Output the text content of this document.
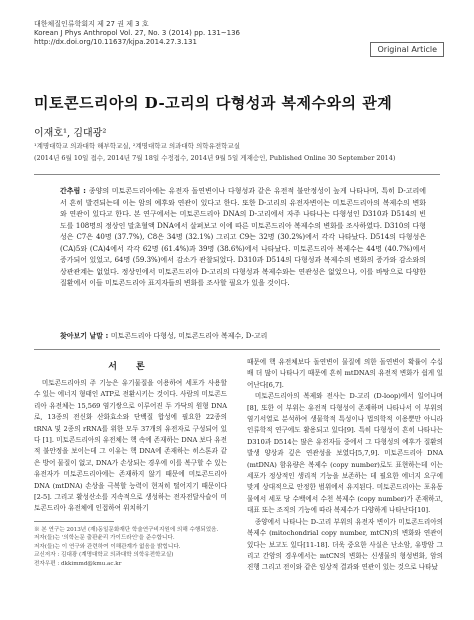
대한체질인류학회지 제 27 권 제 3 호
Korean J Phys Anthropol Vol. 27, No. 3 (2014) pp. 131~136
http://dx.doi.org/10.11637/kjpa.2014.27.3.131
Original Article
미토콘드리아의 D-고리의 다형성과 복제수와의 관계
이재호¹, 김대광²
¹계명대학교 의과대학 해부학교실, ²계명대학교 의과대학 의학유전학교실
(2014년 6월 10일 접수, 2014년 7월 18일 수정접수, 2014년 9월 5일 게재승인, Published Online 30 September 2014)
간추림 : 종양의 미토콘드리아에는 유전자 돌연변이나 다형성과 같은 유전적 불안정성이 높게 나타나며, 특히 D-고리에서 흔히 발견되는데 이는 암의 예후와 연관이 있다고 한다. 또한 D-고리의 유전자변이는 미토콘드리아의 복제수의 변화와 연관이 있다고 한다. 본 연구에서는 미토콘드리아 DNA의 D-고리에서 자주 나타나는 다형성인 D310과 D514의 빈도를 108명의 정상인 말초혈액 DNA에서 살펴보고 이에 따른 미토콘드리아 복제수의 변화를 조사하였다. D310의 다형성은 C7은 40명 (37.7%), C8은 34명 (32.1%) 그리고 C9는 32명 (30.2%)에서 각각 나타났다. D514의 다형성은 (CA)5와 (CA)4에서 각각 62명 (61.4%)과 39명 (38.6%)에서 나타났다. 미토콘드리아 복제수는 44명 (40.7%)에서 증가되어 있었고, 64명 (59.3%)에서 감소가 관찰되었다. D310과 D514의 다형성과 복제수의 변화의 증가와 감소와의 상관관계는 없었다. 정상인에서 미토콘드리아 D-고리의 다형성과 복제수와는 연관성은 없었으나, 이를 바탕으로 다양한 질환에서 이들 미토콘드리아 표지자들의 변화를 조사할 필요가 있을 것이다.
찾아보기 낱말 : 미토콘드리아 다형성, 미토콘드리아 복제수, D-고리
서 론

미토콘드리아의 주 기능은 유기물질을 이용하여 세포가 사용할 수 있는 에너지 형태인 ATP로 전환시키는 것이다. 사람의 미토콘드리아 유전체는 15,569 염기쌍으로 이루어진 두 가닥의 원형 DNA로, 13종의 전신화 산화효소와 단백질 합성에 필요한 22종의 tRNA 및 2종의 rRNA를 위한 모두 37개의 유전자로 구성되어 있다 [1]. 미토콘드리아의 유전체는 핵 속에 존재하는 DNA 보다 유전적 불안정을 보이는데 그 이유는 핵 DNA에 존재하는 히스톤과 같은 방어 물질이 없고, DNA가 손상되는 경우에 이를 복구할 수 있는 유전자가 미토콘드리아에는 존재하지 않기 때문에 미토콘드리아 DNA (mtDNA) 손상을 극복할 능력이 현저히 떨어지기 때문이다[2-5]. 그리고 활성산소를 지속적으로 생성하는 전자전달사슬이 미토콘드리아 유전체에 인접하여 위치하기

※ 본 연구는 2013년 (재)동일문화재단 학술연구비지원에 의해 수행되었음.
저자(들)는 '의학논문 출판윤리 가이드라인'을 준수합니다.
저자(들)는 이 연구와 관련하여 이해관계가 없음을 밝힙니다.
교신저자 : 김대광 (계명대학교 의과대학 의학유전학교실)
전자우편 : dkkimmd@kmu.ac.kr

때문에 핵 유전체보다 돌연변이 물질에 의한 돌연변이 확률이 수십 배 더 많이 나타나기 때문에 흔히 mtDNA의 유전적 변화가 쉽게 일어난다[6,7].

미토콘드리아의 복제와 전사는 D-고리 (D-loop)에서 일어나며[8], 또한 이 부위는 유전적 다형성이 존재하며 나타나서 이 부위의 염기서열로 분석하여 생물학적 특성이나 법의학적 이용뿐만 아니라 인류학적 연구에도 활용되고 있다[9]. 특히 다형성이 흔히 나타나는 D310과 D514는 많은 유전자들 중에서 그 다형성의 예후가 질환의 발생 양상과 깊은 연관성을 보였다[5,7,9]. 미토콘드리아 DNA (mtDNA) 함유량은 복제수 (copy number)로도 표현하는데 이는 세포가 정상적인 생리적 기능을 보존하는 데 필요한 에너지 요구에 맞게 상대적으로 안정한 범위에서 유지된다. 미토콘드리아는 포유동물에서 세포 당 수백에서 수천 복제수 (copy number)가 존재하고, 대표 또는 조직의 기능에 따라 복제수가 다양하게 나타난다[10].

종양에서 나타나는 D-고리 부위의 유전자 변이가 미토콘드리아의 복제수 (mitochondrial copy number, mtCN)의 변화와 연관이 있다는 보고도 있다[11-18]. 더욱 중요한 사실은 난소암, 유방암 그리고 간암의 경우에서는 mtCN의 변화는 신생물의 형성변화, 암의 진행 그리고 전이와 같은 임상적 결과와 연관이 있는 것으로 나타났
